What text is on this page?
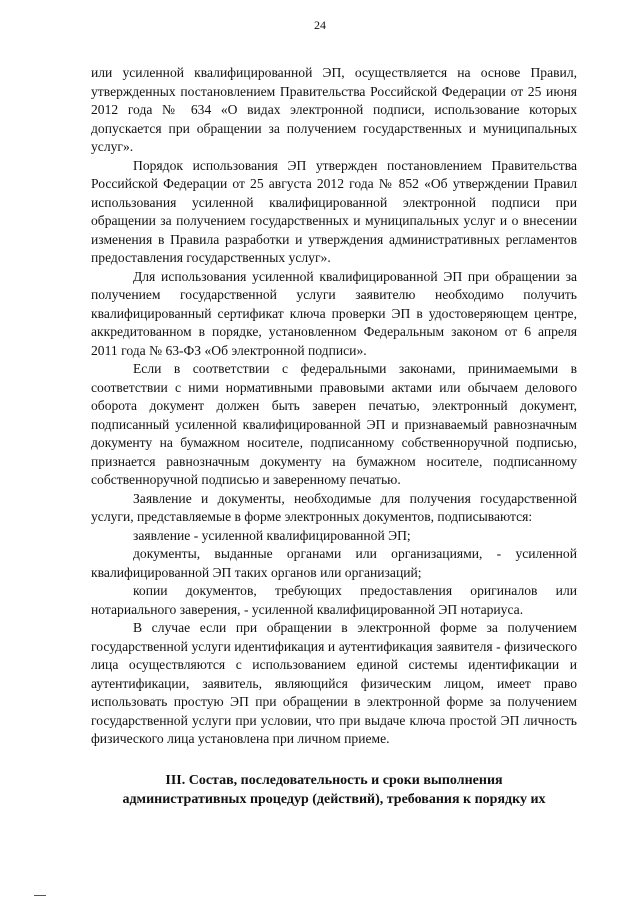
24

или усиленной квалифицированной ЭП, осуществляется на основе Правил, утвержденных постановлением Правительства Российской Федерации от 25 июня 2012 года № 634 «О видах электронной подписи, использование которых допускается при обращении за получением государственных и муниципальных услуг».

Порядок использования ЭП утвержден постановлением Правительства Российской Федерации от 25 августа 2012 года № 852 «Об утверждении Правил использования усиленной квалифицированной электронной подписи при обращении за получением государственных и муниципальных услуг и о внесении изменения в Правила разработки и утверждения административных регламентов предоставления государственных услуг».

Для использования усиленной квалифицированной ЭП при обращении за получением государственной услуги заявителю необходимо получить квалифицированный сертификат ключа проверки ЭП в удостоверяющем центре, аккредитованном в порядке, установленном Федеральным законом от 6 апреля 2011 года № 63-ФЗ «Об электронной подписи».

Если в соответствии с федеральными законами, принимаемыми в соответствии с ними нормативными правовыми актами или обычаем делового оборота документ должен быть заверен печатью, электронный документ, подписанный усиленной квалифицированной ЭП и признаваемый равнозначным документу на бумажном носителе, подписанному собственноручной подписью, признается равнозначным документу на бумажном носителе, подписанному собственноручной подписью и заверенному печатью.

Заявление и документы, необходимые для получения государственной услуги, представляемые в форме электронных документов, подписываются:

заявление - усиленной квалифицированной ЭП;

документы, выданные органами или организациями, - усиленной квалифицированной ЭП таких органов или организаций;

копии документов, требующих предоставления оригиналов или нотариального заверения, - усиленной квалифицированной ЭП нотариуса.

В случае если при обращении в электронной форме за получением государственной услуги идентификация и аутентификация заявителя - физического лица осуществляются с использованием единой системы идентификации и аутентификации, заявитель, являющийся физическим лицом, имеет право использовать простую ЭП при обращении в электронной форме за получением государственной услуги при условии, что при выдаче ключа простой ЭП личность физического лица установлена при личном приеме.

III. Состав, последовательность и сроки выполнения
административных процедур (действий), требования к порядку их
